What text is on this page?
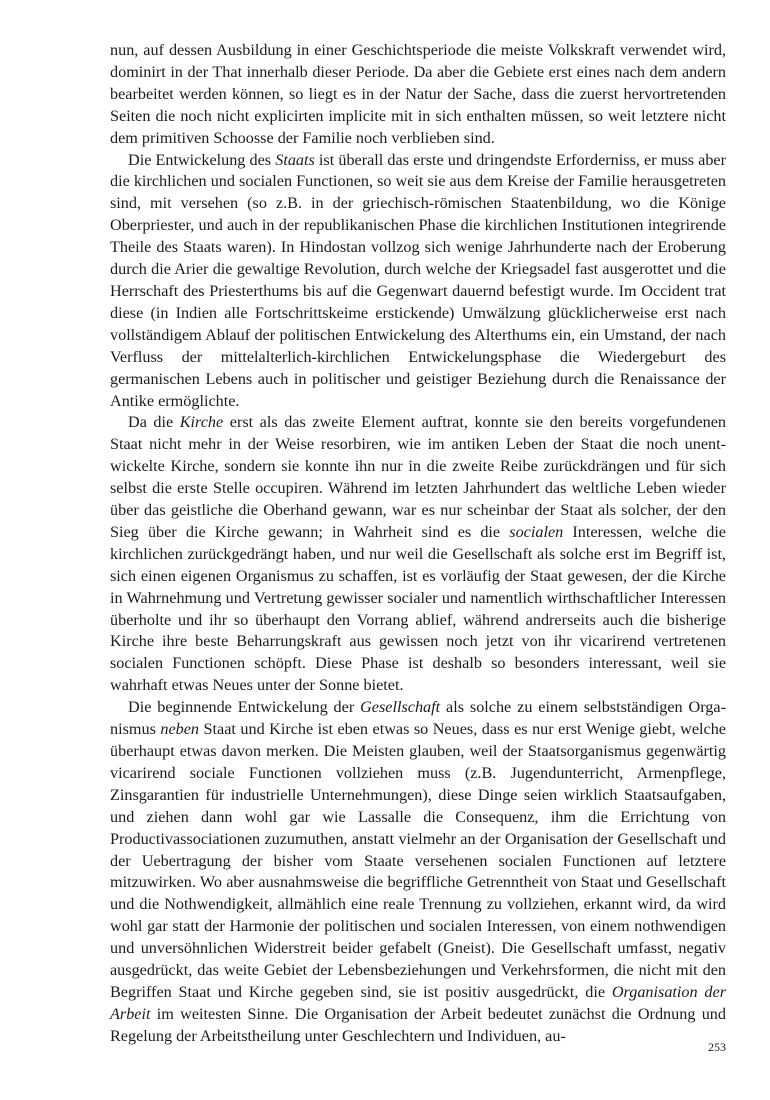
nun, auf dessen Ausbildung in einer Geschichtsperiode die meiste Volkskraft verwendet wird, dominirt in der That innerhalb dieser Periode. Da aber die Gebiete erst eines nach dem andern bearbeitet werden können, so liegt es in der Natur der Sache, dass die zuerst hervortretenden Seiten die noch nicht explicirten implicite mit in sich enthalten müssen, so weit letztere nicht dem primitiven Schoosse der Familie noch verblieben sind.

Die Entwickelung des Staats ist überall das erste und dringendste Erforderniss, er muss aber die kirchlichen und socialen Functionen, so weit sie aus dem Kreise der Familie herausgetreten sind, mit versehen (so z.B. in der griechisch-römischen Staatenbildung, wo die Könige Oberpriester, und auch in der republikanischen Phase die kirchlichen Institutionen integrirende Theile des Staats waren). In Hindostan vollzog sich wenige Jahrhunderte nach der Eroberung durch die Arier die gewaltige Revolution, durch welche der Kriegsadel fast ausgerottet und die Herrschaft des Priesterthums bis auf die Gegenwart dauernd befestigt wurde. Im Occident trat diese (in Indien alle Fortschrittskeime erstickende) Umwälzung glücklicherweise erst nach vollständigem Ablauf der politischen Entwickelung des Alterthums ein, ein Umstand, der nach Verfluss der mittelalterlich-kirchlichen Entwickelungsphase die Wiedergeburt des germanischen Lebens auch in politischer und geistiger Beziehung durch die Renaissance der Antike ermöglichte.

Da die Kirche erst als das zweite Element auftrat, konnte sie den bereits vorgefundenen Staat nicht mehr in der Weise resorbiren, wie im antiken Leben der Staat die noch unentwickelte Kirche, sondern sie konnte ihn nur in die zweite Reibe zurückdrängen und für sich selbst die erste Stelle occupiren. Während im letzten Jahrhundert das weltliche Leben wieder über das geistliche die Oberhand gewann, war es nur scheinbar der Staat als solcher, der den Sieg über die Kirche gewann; in Wahrheit sind es die socialen Interessen, welche die kirchlichen zurückgedrängt haben, und nur weil die Gesellschaft als solche erst im Begriff ist, sich einen eigenen Organismus zu schaffen, ist es vorläufig der Staat gewesen, der die Kirche in Wahrnehmung und Vertretung gewisser socialer und namentlich wirthschaftlicher Interessen überholte und ihr so überhaupt den Vorrang ablief, während andrerseits auch die bisherige Kirche ihre beste Beharrungskraft aus gewissen noch jetzt von ihr vicarirend vertretenen socialen Functionen schöpft. Diese Phase ist deshalb so besonders interessant, weil sie wahrhaft etwas Neues unter der Sonne bietet.

Die beginnende Entwickelung der Gesellschaft als solche zu einem selbstständigen Organismus neben Staat und Kirche ist eben etwas so Neues, dass es nur erst Wenige giebt, welche überhaupt etwas davon merken. Die Meisten glauben, weil der Staatsorganismus gegenwärtig vicarirend sociale Functionen vollziehen muss (z.B. Jugendunterricht, Armenpflege, Zinsgarantien für industrielle Unternehmungen), diese Dinge seien wirklich Staatsaufgaben, und ziehen dann wohl gar wie Lassalle die Consequenz, ihm die Errichtung von Productivassociationen zuzumuthen, anstatt vielmehr an der Organisation der Gesellschaft und der Uebertragung der bisher vom Staate versehenen socialen Functionen auf letztere mitzuwirken. Wo aber ausnahmsweise die begriffliche Getrenntheit von Staat und Gesellschaft und die Nothwendigkeit, allmählich eine reale Trennung zu vollziehen, erkannt wird, da wird wohl gar statt der Harmonie der politischen und socialen Interessen, von einem nothwendigen und unversöhnlichen Widerstreit beider gefabelt (Gneist). Die Gesellschaft umfasst, negativ ausgedrückt, das weite Gebiet der Lebensbeziehungen und Verkehrsformen, die nicht mit den Begriffen Staat und Kirche gegeben sind, sie ist positiv ausgedrückt, die Organisation der Arbeit im weitesten Sinne. Die Organisation der Arbeit bedeutet zunächst die Ordnung und Regelung der Arbeitstheilung unter Geschlechtern und Individuen, au-

253
